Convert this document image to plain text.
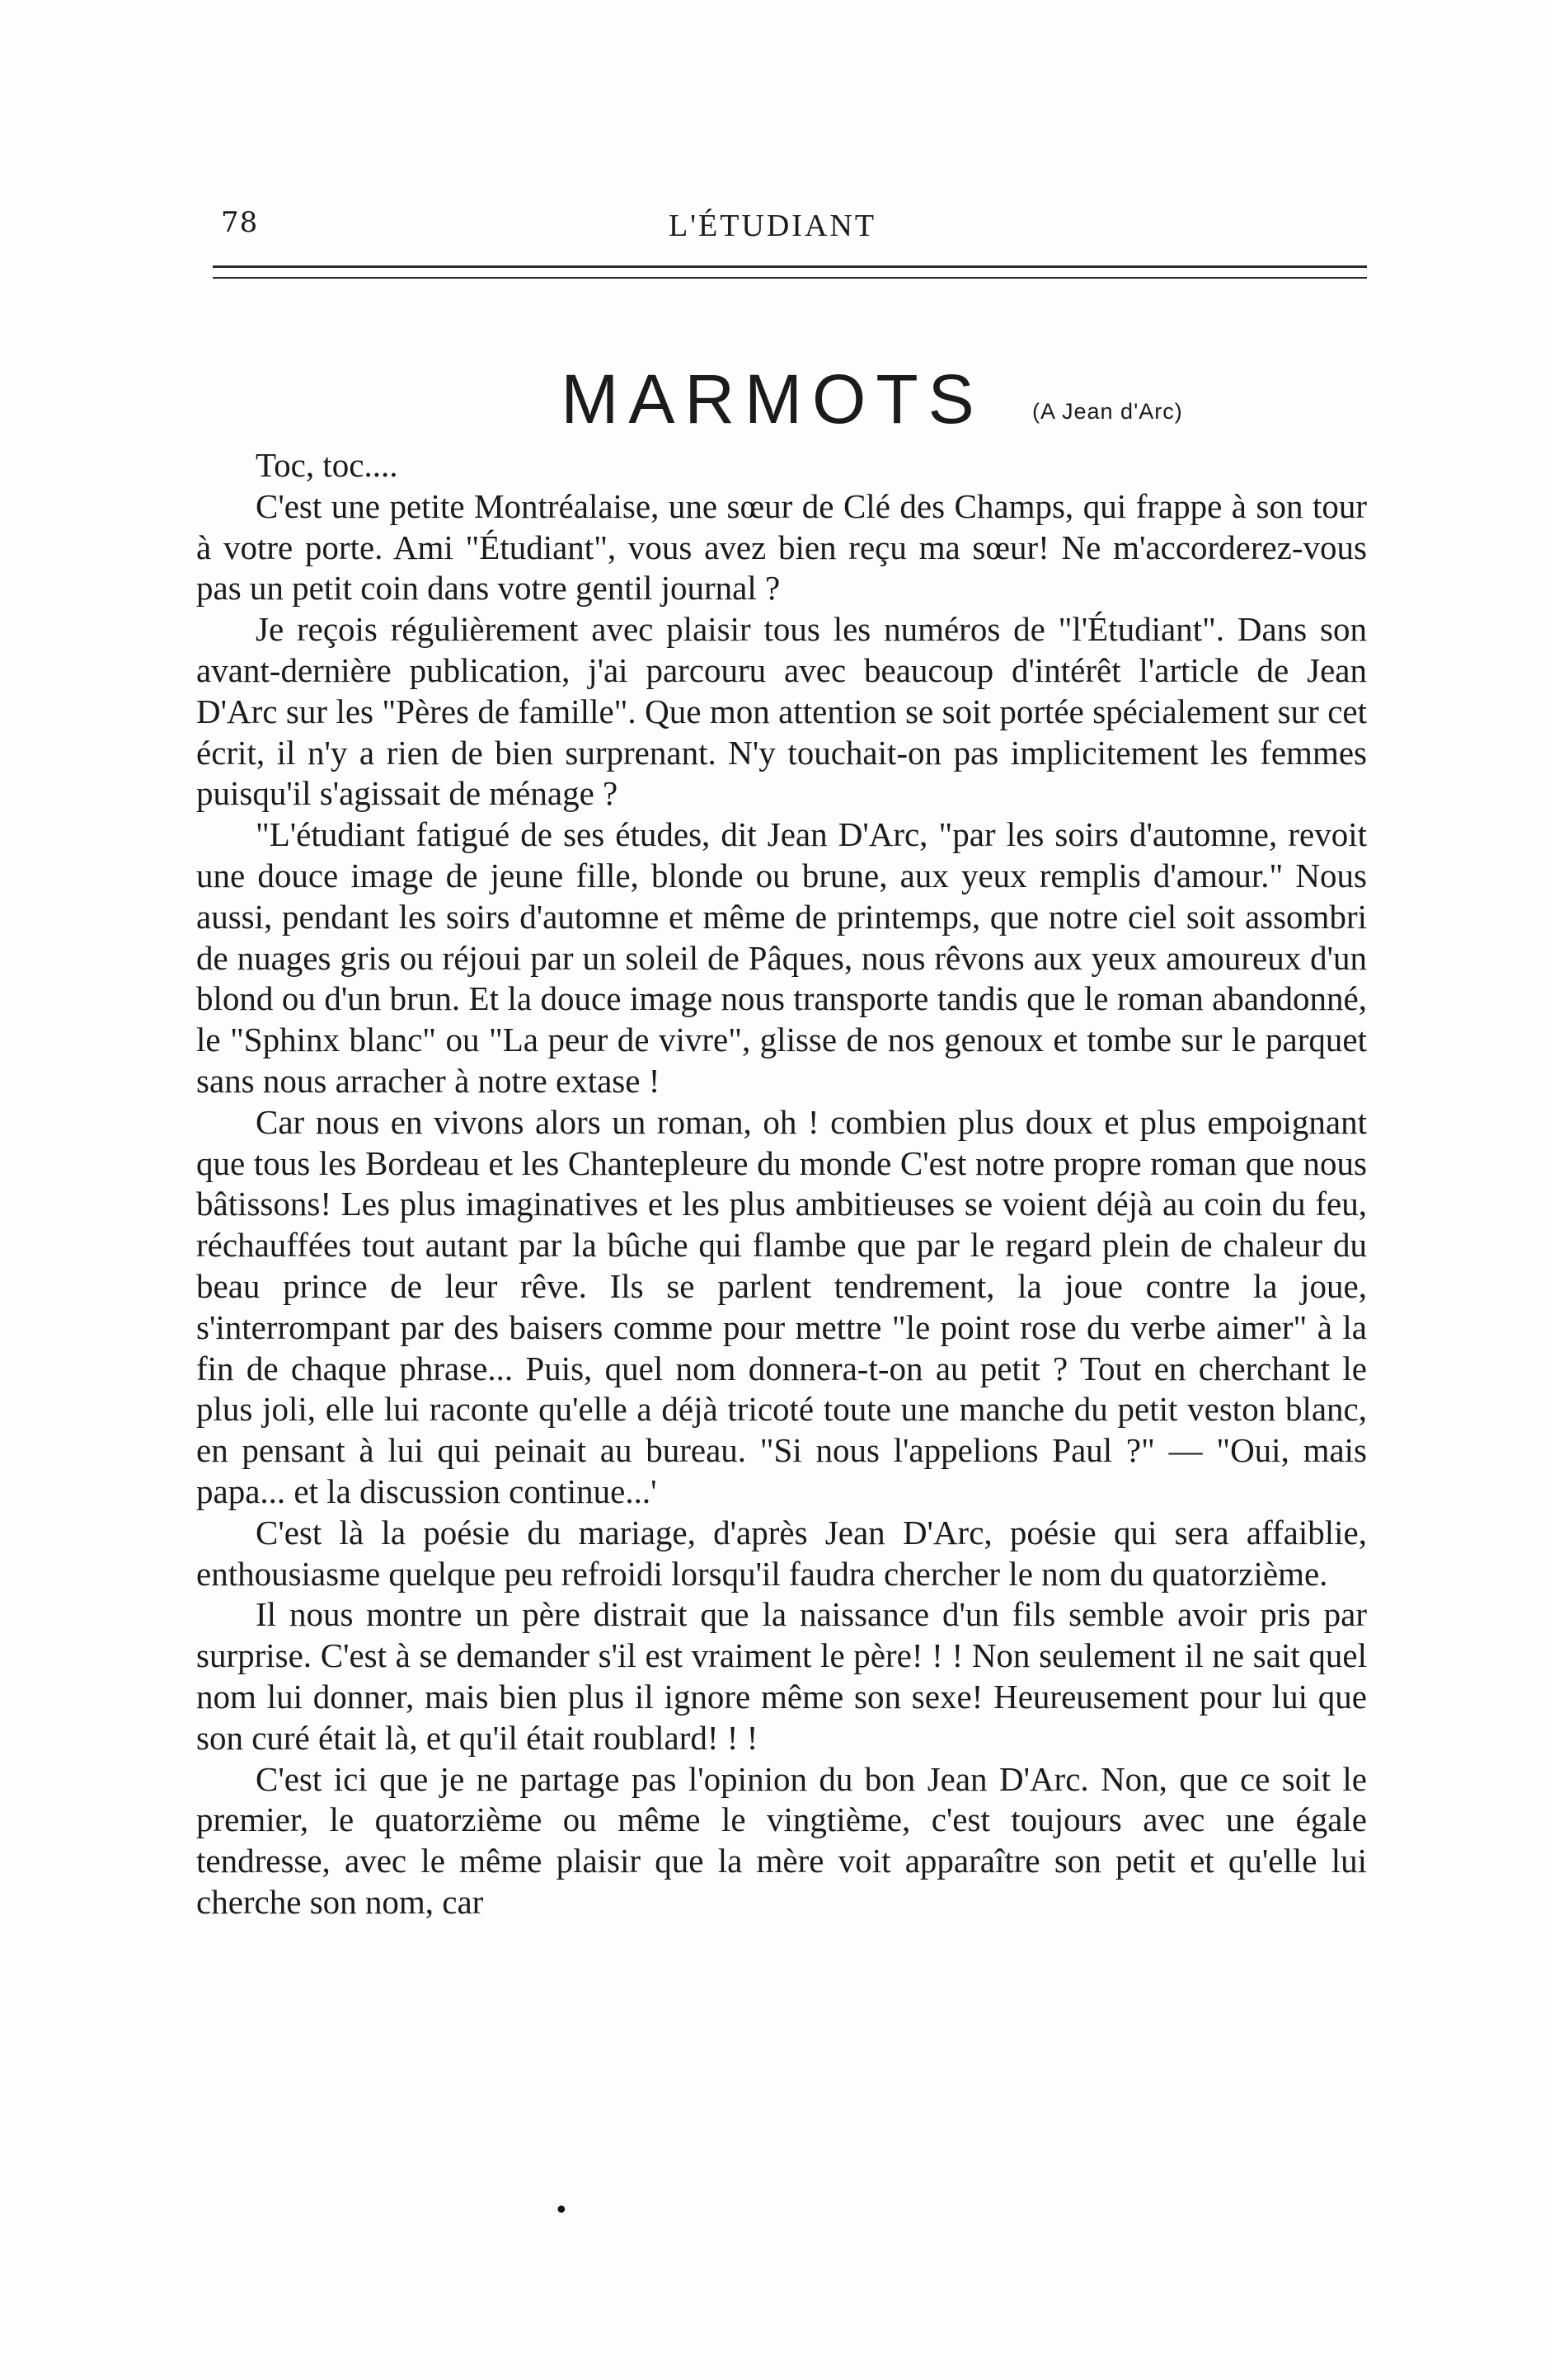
78	L'ÉTUDIANT
MARMOTS	(A Jean d'Arc)

Toc, toc....

C'est une petite Montréalaise, une sœur de Clé des Champs, qui frappe à son tour à votre porte. Ami "Étudiant", vous avez bien reçu ma sœur! Ne m'accorderez-vous pas un petit coin dans votre gentil journal ?

Je reçois régulièrement avec plaisir tous les numéros de "l'Étudiant". Dans son avant-dernière publication, j'ai parcouru avec beaucoup d'intérêt l'article de Jean D'Arc sur les "Pères de famille". Que mon attention se soit portée spécialement sur cet écrit, il n'y a rien de bien surprenant. N'y touchait-on pas implicitement les femmes puisqu'il s'agissait de ménage ?

"L'étudiant fatigué de ses études, dit Jean D'Arc, "par les soirs d'automne, revoit une douce image de jeune fille, blonde ou brune, aux yeux remplis d'amour." Nous aussi, pendant les soirs d'automne et même de printemps, que notre ciel soit assombri de nuages gris ou réjoui par un soleil de Pâques, nous rêvons aux yeux amoureux d'un blond ou d'un brun. Et la douce image nous transporte tandis que le roman abandonné, le "Sphinx blanc" ou "La peur de vivre", glisse de nos genoux et tombe sur le parquet sans nous arracher à notre extase !

Car nous en vivons alors un roman, oh ! combien plus doux et plus empoignant que tous les Bordeau et les Chantepleure du monde C'est notre propre roman que nous bâtissons! Les plus imaginatives et les plus ambitieuses se voient déjà au coin du feu, réchauffées tout autant par la bûche qui flambe que par le regard plein de chaleur du beau prince de leur rêve. Ils se parlent tendrement, la joue contre la joue, s'interrompant par des baisers comme pour mettre "le point rose du verbe aimer" à la fin de chaque phrase... Puis, quel nom donnera-t-on au petit ? Tout en cherchant le plus joli, elle lui raconte qu'elle a déjà tricoté toute une manche du petit veston blanc, en pensant à lui qui peinait au bureau. "Si nous l'appelions Paul ?" — "Oui, mais papa... et la discussion continue...'

C'est là la poésie du mariage, d'après Jean D'Arc, poésie qui sera affaiblie, enthousiasme quelque peu refroidi lorsqu'il faudra chercher le nom du quatorzième.

Il nous montre un père distrait que la naissance d'un fils semble avoir pris par surprise. C'est à se demander s'il est vraiment le père! ! ! Non seulement il ne sait quel nom lui donner, mais bien plus il ignore même son sexe! Heureusement pour lui que son curé était là, et qu'il était roublard! ! !

C'est ici que je ne partage pas l'opinion du bon Jean D'Arc. Non, que ce soit le premier, le quatorzième ou même le vingtième, c'est toujours avec une égale tendresse, avec le même plaisir que la mère voit apparaître son petit et qu'elle lui cherche son nom, car

•
